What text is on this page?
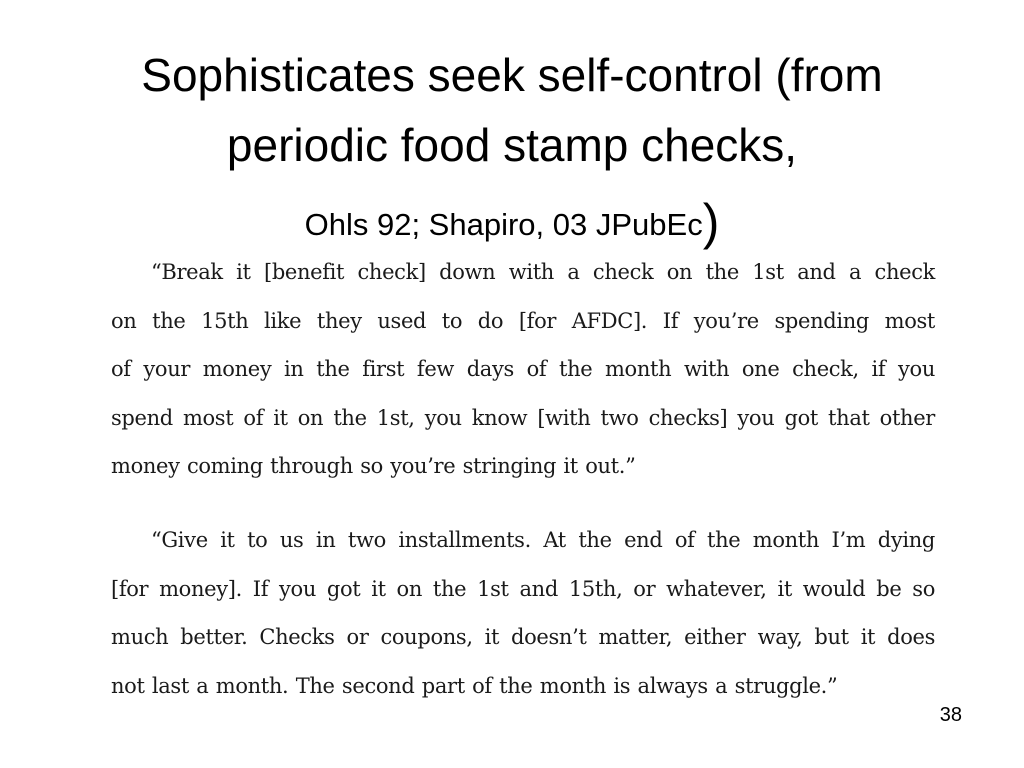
Sophisticates seek self-control (from
periodic food stamp checks,
Ohls 92; Shapiro, 03 JPubEc)
“Break it [benefit check] down with a check on the 1st and a check
on the 15th like they used to do [for AFDC]. If you’re spending most
of your money in the first few days of the month with one check, if you
spend most of it on the 1st, you know [with two checks] you got that other
money coming through so you’re stringing it out.”
“Give it to us in two installments. At the end of the month I’m dying
[for money]. If you got it on the 1st and 15th, or whatever, it would be so
much better. Checks or coupons, it doesn’t matter, either way, but it does
not last a month. The second part of the month is always a struggle.”
38
